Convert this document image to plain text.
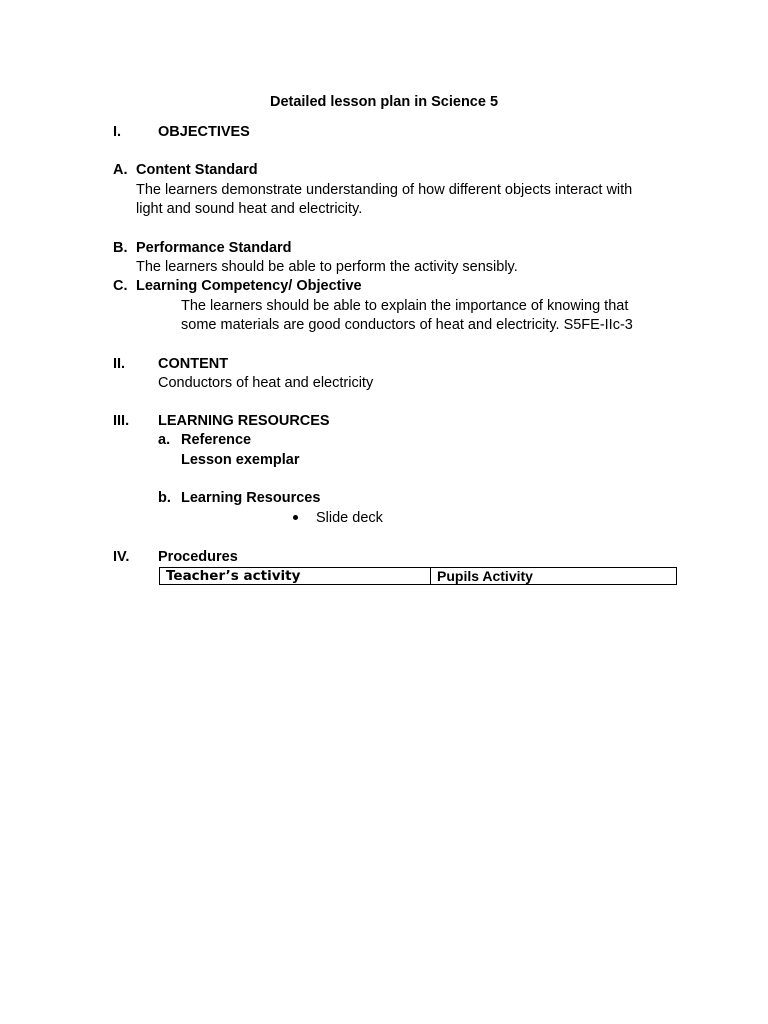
Detailed lesson plan in Science 5
I.	OBJECTIVES
A. Content Standard
The learners demonstrate understanding of how different objects interact with
light and sound heat and electricity.
B. Performance Standard
The learners should be able to perform the activity sensibly.
C. Learning Competency/ Objective
The learners should be able to explain the importance of knowing that
some materials are good conductors of heat and electricity. S5FE-IIc-3
II. CONTENT
Conductors of heat and electricity
III. LEARNING RESOURCES
a. Reference
Lesson exemplar
b. Learning Resources
Slide deck
IV. Procedures
Teacher’s activity	Pupils Activity
